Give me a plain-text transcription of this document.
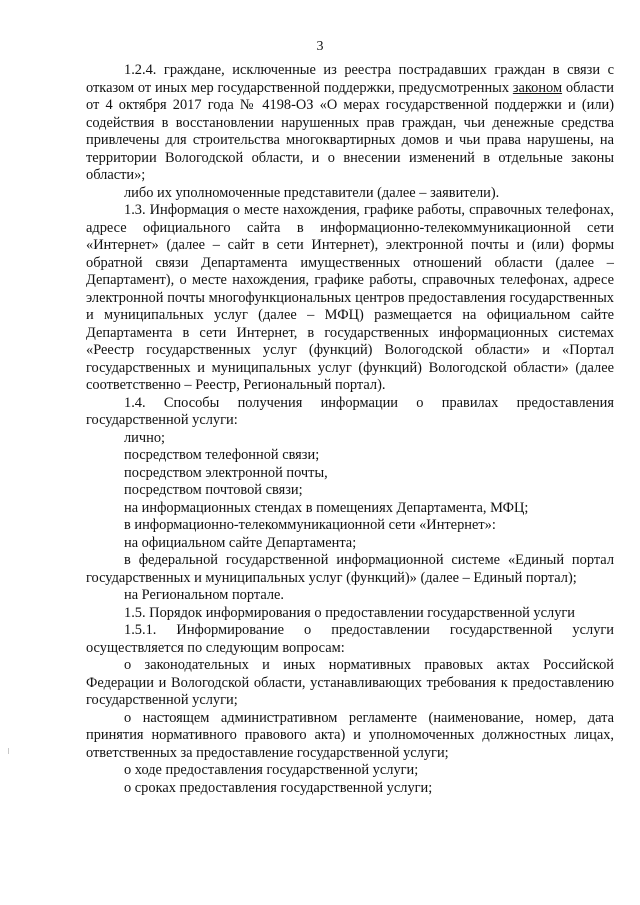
3

1.2.4. граждане, исключенные из реестра пострадавших граждан в связи с отказом от иных мер государственной поддержки, предусмотренных законом области от 4 октября 2017 года № 4198-ОЗ «О мерах государственной поддержки и (или) содействия в восстановлении нарушенных прав граждан, чьи денежные средства привлечены для строительства многоквартирных домов и чьи права нарушены, на территории Вологодской области, и о внесении изменений в отдельные законы области»;

либо их уполномоченные представители (далее – заявители).

1.3. Информация о месте нахождения, графике работы, справочных телефонах, адресе официального сайта в информационно-телекоммуникационной сети «Интернет» (далее – сайт в сети Интернет), электронной почты и (или) формы обратной связи Департамента имущественных отношений области (далее – Департамент), о месте нахождения, графике работы, справочных телефонах, адресе электронной почты многофункциональных центров предоставления государственных и муниципальных услуг (далее – МФЦ) размещается на официальном сайте Департамента в сети Интернет, в государственных информационных системах «Реестр государственных услуг (функций) Вологодской области» и «Портал государственных и муниципальных услуг (функций) Вологодской области» (далее соответственно – Реестр, Региональный портал).

1.4. Способы получения информации о правилах предоставления государственной услуги:

лично;

посредством телефонной связи;

посредством электронной почты,

посредством почтовой связи;

на информационных стендах в помещениях Департамента, МФЦ;

в информационно-телекоммуникационной сети «Интернет»:

на официальном сайте Департамента;

в федеральной государственной информационной системе «Единый портал государственных и муниципальных услуг (функций)» (далее – Единый портал);

на Региональном портале.

1.5. Порядок информирования о предоставлении государственной услуги

1.5.1. Информирование о предоставлении государственной услуги осуществляется по следующим вопросам:

о законодательных и иных нормативных правовых актах Российской Федерации и Вологодской области, устанавливающих требования к предоставлению государственной услуги;

о настоящем административном регламенте (наименование, номер, дата принятия нормативного правового акта) и уполномоченных должностных лицах, ответственных за предоставление государственной услуги;

о ходе предоставления государственной услуги;

о сроках предоставления государственной услуги;
